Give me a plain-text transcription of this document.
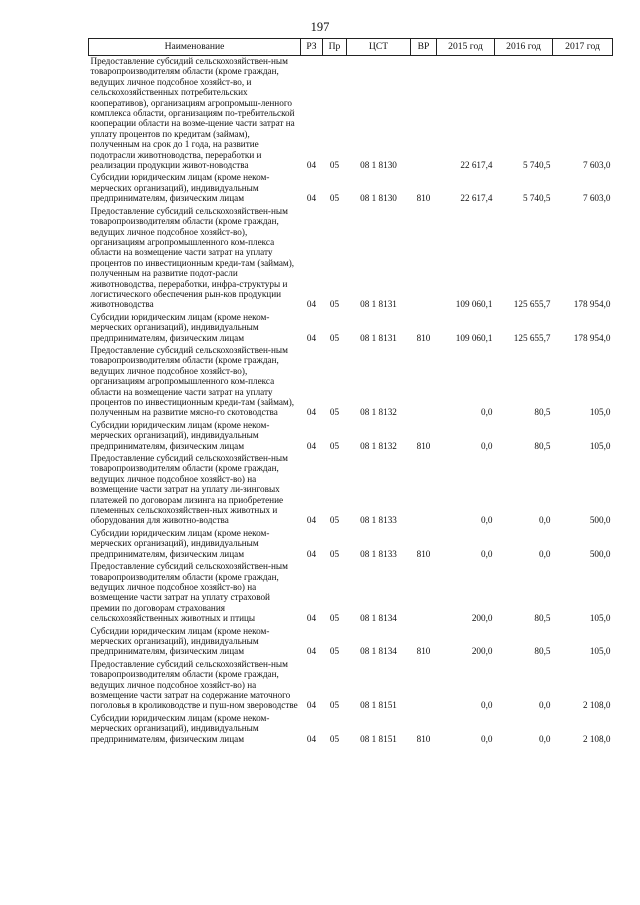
197
Наименование	РЗ	Пр	ЦСТ	ВР	2015 год	2016 год	2017 год
Предоставление субсидий сельскохозяйствен-ным товаропроизводителям области (кроме граждан, ведущих личное подсобное хозяйст-во, и сельскохозяйственных потребительских кооперативов), организациям агропромыш-ленного комплекса области, организациям по-требительской кооперации области на возме-щение части затрат на уплату процентов по кредитам (займам), полученным на срок до 1 года, на развитие подотрасли животноводства, переработки и реализации продукции живот-новодства	04	05	08 1 8130		22 617,4	5 740,5	7 603,0
Субсидии юридическим лицам (кроме неком-мерческих организаций), индивидуальным предпринимателям, физическим лицам	04	05	08 1 8130	810	22 617,4	5 740,5	7 603,0
Предоставление субсидий сельскохозяйствен-ным товаропроизводителям области (кроме граждан, ведущих личное подсобное хозяйст-во), организациям агропромышленного ком-плекса области на возмещение части затрат на уплату процентов по инвестиционным креди-там (займам), полученным на развитие подот-расли животноводства, переработки, инфра-структуры и логистического обеспечения рын-ков продукции животноводства	04	05	08 1 8131		109 060,1	125 655,7	178 954,0
Субсидии юридическим лицам (кроме неком-мерческих организаций), индивидуальным предпринимателям, физическим лицам	04	05	08 1 8131	810	109 060,1	125 655,7	178 954,0
Предоставление субсидий сельскохозяйствен-ным товаропроизводителям области (кроме граждан, ведущих личное подсобное хозяйст-во), организациям агропромышленного ком-плекса области на возмещение части затрат на уплату процентов по инвестиционным креди-там (займам), полученным на развитие мясно-го скотоводства	04	05	08 1 8132		0,0	80,5	105,0
Субсидии юридическим лицам (кроме неком-мерческих организаций), индивидуальным предпринимателям, физическим лицам	04	05	08 1 8132	810	0,0	80,5	105,0
Предоставление субсидий сельскохозяйствен-ным товаропроизводителям области (кроме граждан, ведущих личное подсобное хозяйст-во) на возмещение части затрат на уплату ли-зинговых платежей по договорам лизинга на приобретение племенных сельскохозяйствен-ных животных и оборудования для животно-водства	04	05	08 1 8133		0,0	0,0	500,0
Субсидии юридическим лицам (кроме неком-мерческих организаций), индивидуальным предпринимателям, физическим лицам	04	05	08 1 8133	810	0,0	0,0	500,0
Предоставление субсидий сельскохозяйствен-ным товаропроизводителям области (кроме граждан, ведущих личное подсобное хозяйст-во) на возмещение части затрат на уплату страховой премии по договорам страхования сельскохозяйственных животных и птицы	04	05	08 1 8134		200,0	80,5	105,0
Субсидии юридическим лицам (кроме неком-мерческих организаций), индивидуальным предпринимателям, физическим лицам	04	05	08 1 8134	810	200,0	80,5	105,0
Предоставление субсидий сельскохозяйствен-ным товаропроизводителям области (кроме граждан, ведущих личное подсобное хозяйст-во) на возмещение части затрат на содержание маточного поголовья в кролиководстве и пуш-ном звероводстве	04	05	08 1 8151		0,0	0,0	2 108,0
Субсидии юридическим лицам (кроме неком-мерческих организаций), индивидуальным предпринимателям, физическим лицам	04	05	08 1 8151	810	0,0	0,0	2 108,0
